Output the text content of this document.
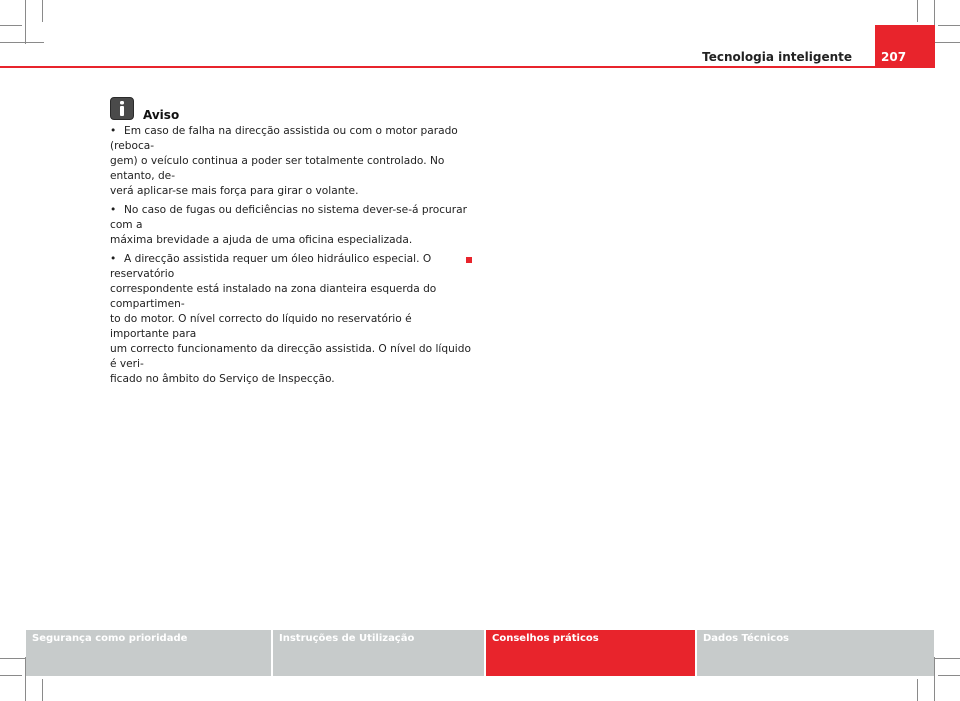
Tecnologia inteligente 207
Aviso

• Em caso de falha na direcção assistida ou com o motor parado (reboca-
gem) o veículo continua a poder ser totalmente controlado. No entanto, de-
verá aplicar-se mais força para girar o volante.

• No caso de fugas ou deficiências no sistema dever-se-á procurar com a
máxima brevidade a ajuda de uma oficina especializada.

• A direcção assistida requer um óleo hidráulico especial. O reservatório
correspondente está instalado na zona dianteira esquerda do compartimen-
to do motor. O nível correcto do líquido no reservatório é importante para
um correcto funcionamento da direcção assistida. O nível do líquido é veri-
ficado no âmbito do Serviço de Inspecção.

Segurança como prioridade	Instruções de Utilização	Conselhos práticos	Dados Técnicos
